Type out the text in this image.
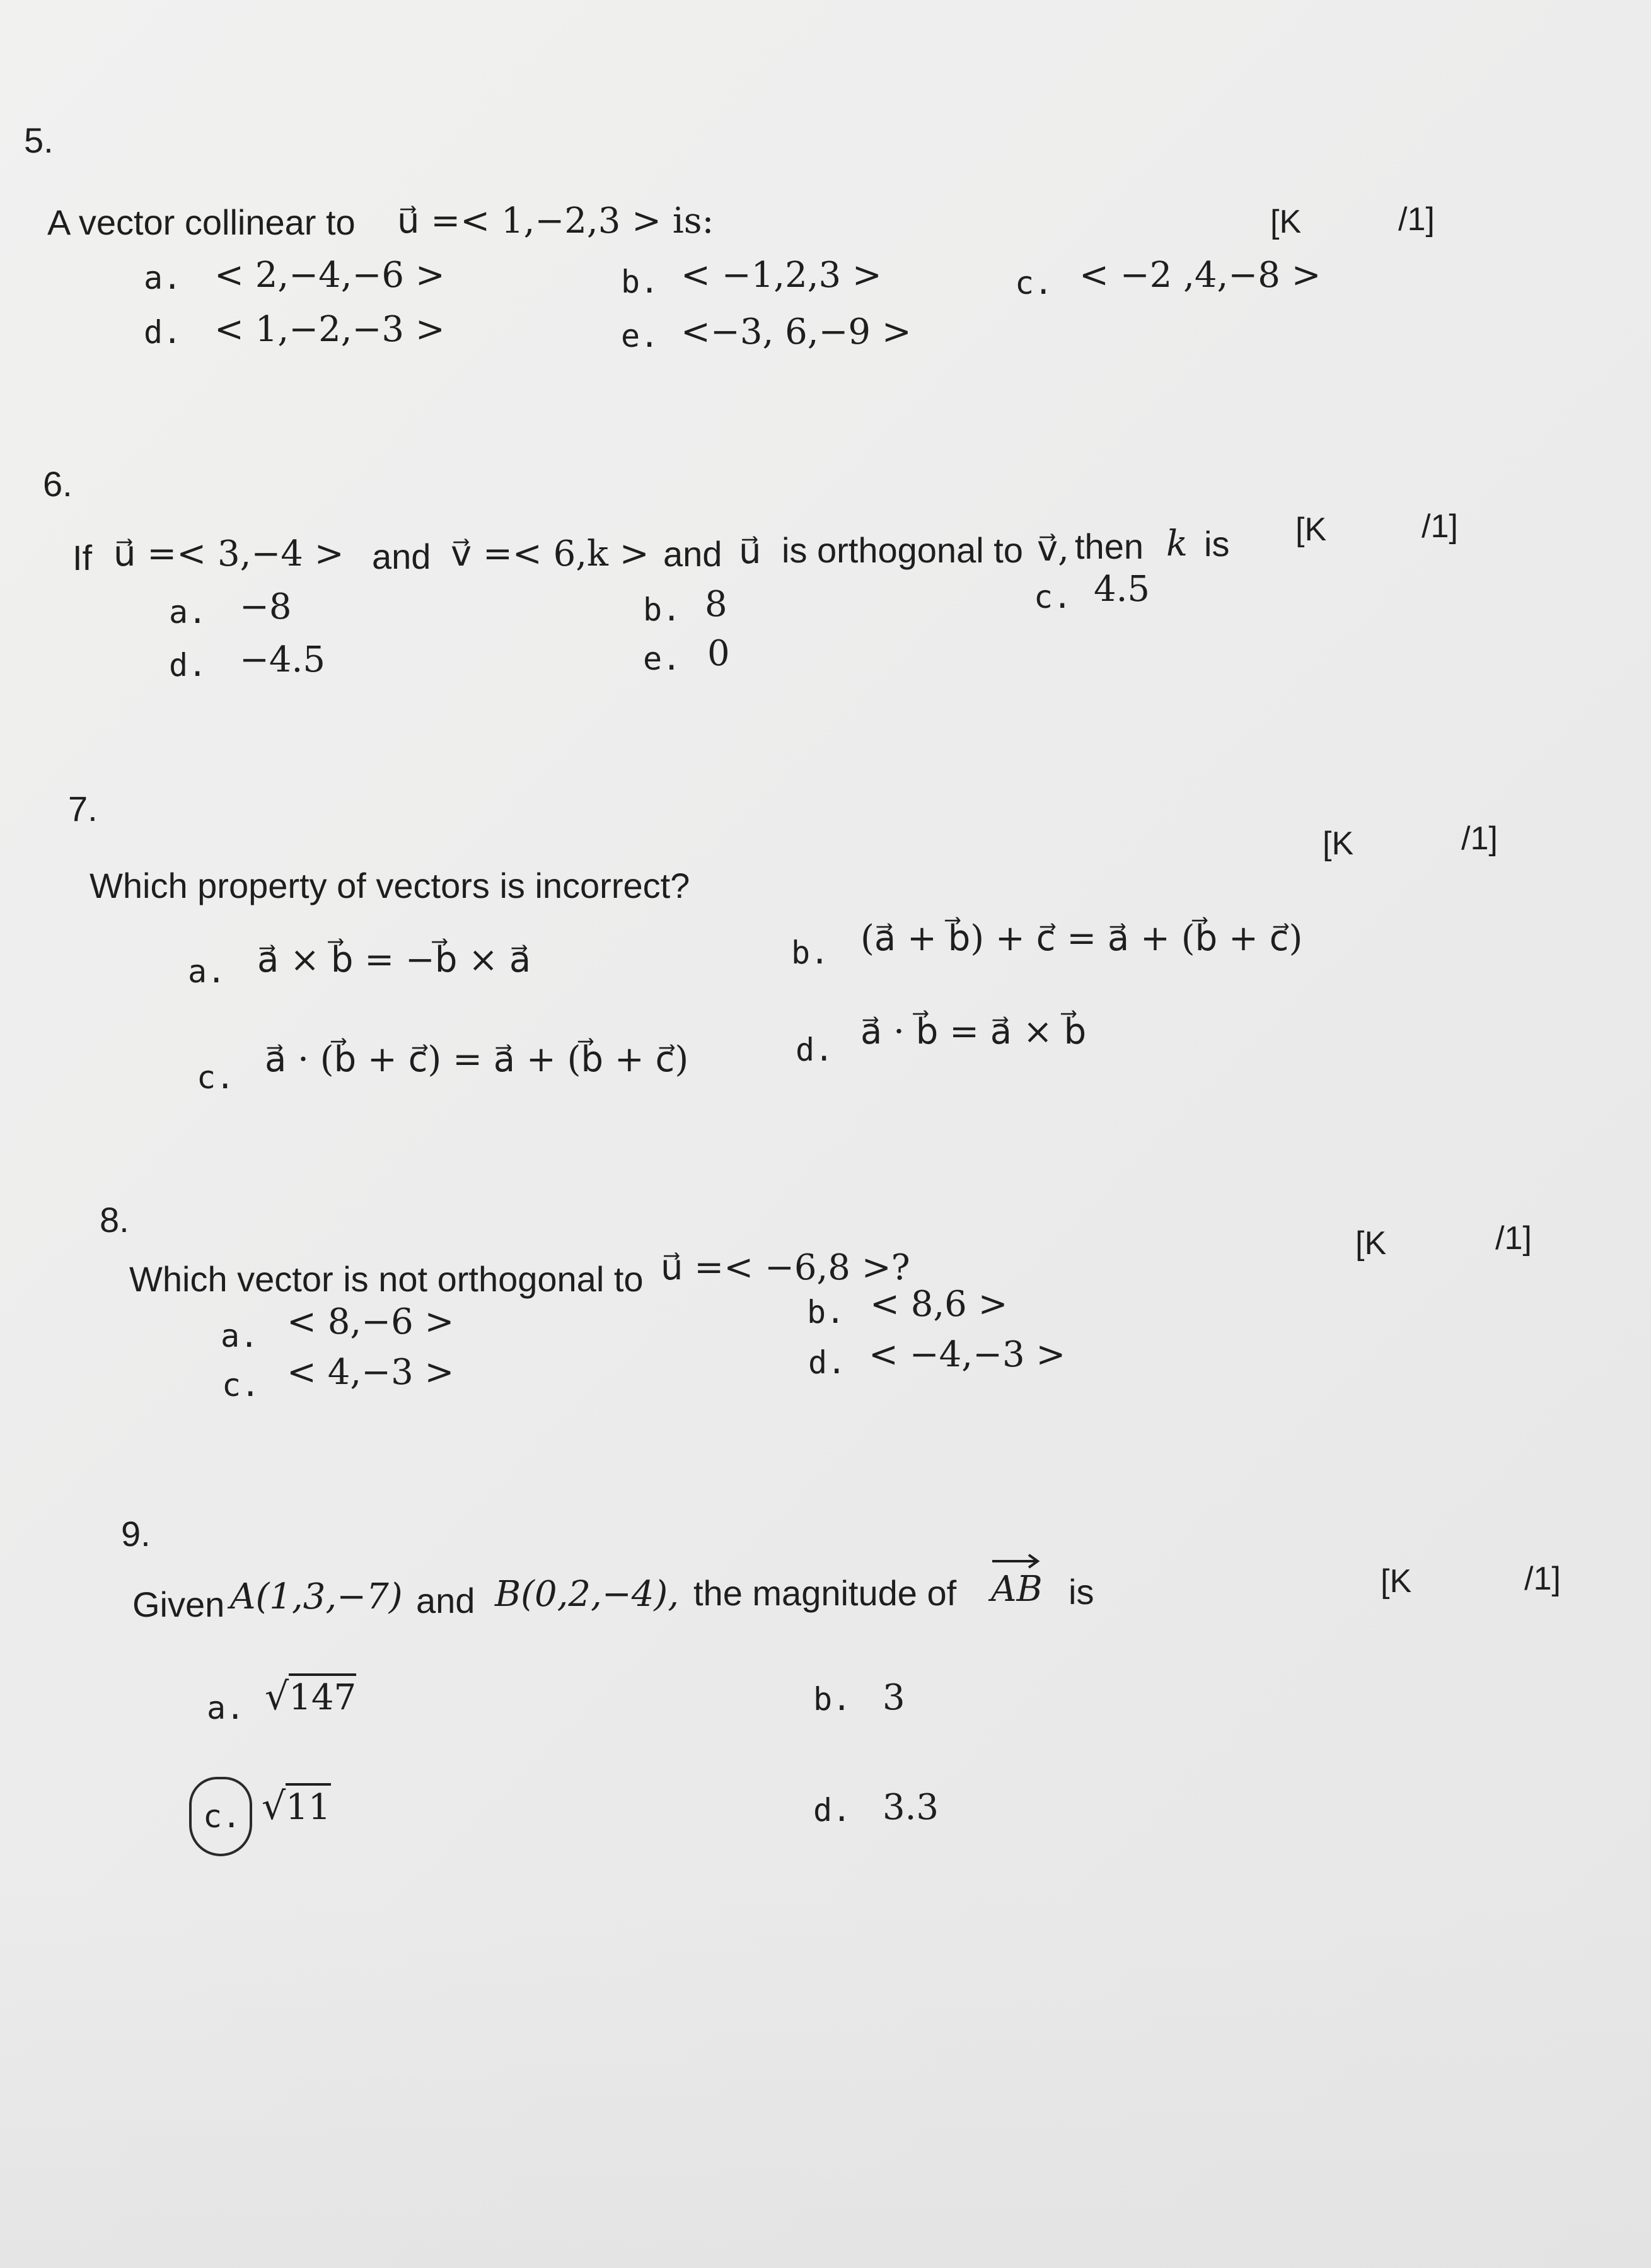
5.
A vector collinear to u⃗ =< 1,−2,3 > is:	[K	/1]
a. < 2,−4,−6 >	b. < −1,2,3 >	c. < −2 ,4,−8 >
d. < 1,−2,−3 >	e. <−3, 6,−9 >
6.
If u⃗ =< 3,−4 > and v⃗ =< 6,k > and u⃗ is orthogonal to v⃗, then k is [K	/1]
a. −8	b. 8	c. 4.5
d. −4.5	e. 0
7.
Which property of vectors is incorrect?
[K	/1]
a. a⃗ × b⃗ = −b⃗ × a⃗	b. (a⃗ + b⃗) + c⃗ = a⃗ + (b⃗ + c⃗)
c. a⃗ · (b⃗ + c⃗) = a⃗ + (b⃗ + c⃗)	d. a⃗ · b⃗ = a⃗ × b⃗
8.
Which vector is not orthogonal to u⃗ =< −6,8 >?
[K	/1]
a. < 8,−6 >	b. < 8,6 >
c. < 4,−3 >	d. < −4,−3 >
9.
Given A(1,3,−7) and B(0,2,−4), the magnitude of AB is	[K	/1]
a. √147	b. 3
c. √11	d. 3.3
